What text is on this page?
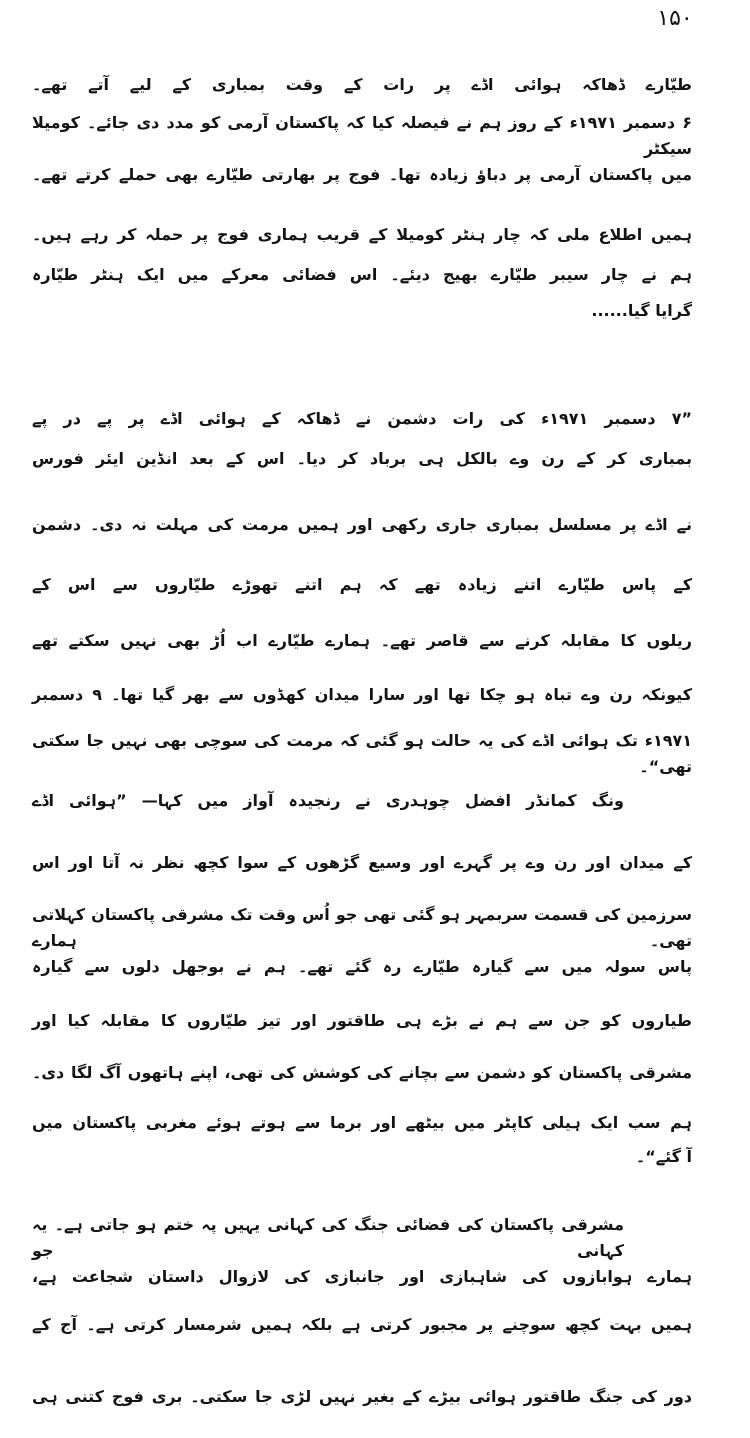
۱۵۰
طیّارے ڈھاکہ ہوائی اڈے پر رات کے وقت بمباری کے لیے آتے تھے۔
۶ دسمبر ۱۹۷۱ء کے روز ہم نے فیصلہ کیا کہ پاکستان آرمی کو مدد دی جائے۔ کومیلا سیکٹر
میں پاکستان آرمی پر دباؤ زیادہ تھا۔ فوج پر بھارتی طیّارے بھی حملے کرتے تھے۔
ہمیں اطلاع ملی کہ چار ہنٹر کومیلا کے قریب ہماری فوج پر حملہ کر رہے ہیں۔
ہم نے چار سیبر طیّارے بھیج دیئے۔ اس فضائی معرکے میں ایک ہنٹر طیّارہ
گرایا گیا......
”۷ دسمبر ۱۹۷۱ء کی رات دشمن نے ڈھاکہ کے ہوائی اڈے پر پے در پے
بمباری کر کے رن وے بالکل ہی برباد کر دیا۔ اس کے بعد انڈین ایئر فورس
نے اڈے پر مسلسل بمباری جاری رکھی اور ہمیں مرمت کی مہلت نہ دی۔ دشمن
کے پاس طیّارے اتنے زیادہ تھے کہ ہم اتنے تھوڑے طیّاروں سے اس کے
ریلوں کا مقابلہ کرنے سے قاصر تھے۔ ہمارے طیّارے اب اُڑ بھی نہیں سکتے تھے
کیونکہ رن وے تباہ ہو چکا تھا اور سارا میدان کھڈوں سے بھر گیا تھا۔ ۹ دسمبر
۱۹۷۱ء تک ہوائی اڈے کی یہ حالت ہو گئی کہ مرمت کی سوچی بھی نہیں جا سکتی تھی“۔
ونگ کمانڈر افضل چوہدری نے رنجیدہ آواز میں کہا— ”ہوائی اڈے
کے میدان اور رن وے پر گہرے اور وسیع گڑھوں کے سوا کچھ نظر نہ آتا اور اس
سرزمین کی قسمت سربمہر ہو گئی تھی جو اُس وقت تک مشرقی پاکستان کہلاتی تھی۔ ہمارے
پاس سولہ میں سے گیارہ طیّارے رہ گئے تھے۔ ہم نے بوجھل دلوں سے گیارہ
طیاروں کو جن سے ہم نے بڑے ہی طاقتور اور تیز طیّاروں کا مقابلہ کیا اور
مشرقی پاکستان کو دشمن سے بچانے کی کوشش کی تھی، اپنے ہاتھوں آگ لگا دی۔
ہم سب ایک ہیلی کاپٹر میں بیٹھے اور برما سے ہوتے ہوئے مغربی پاکستان میں
آ گئے“۔
مشرقی پاکستان کی فضائی جنگ کی کہانی یہیں پہ ختم ہو جاتی ہے۔ یہ کہانی جو
ہمارے ہوابازوں کی شاہبازی اور جانبازی کی لازوال داستان شجاعت ہے،
ہمیں بہت کچھ سوچنے پر مجبور کرتی ہے بلکہ ہمیں شرمسار کرتی ہے۔ آج کے
دور کی جنگ طاقتور ہوائی بیڑے کے بغیر نہیں لڑی جا سکتی۔ بری فوج کتنی ہی
